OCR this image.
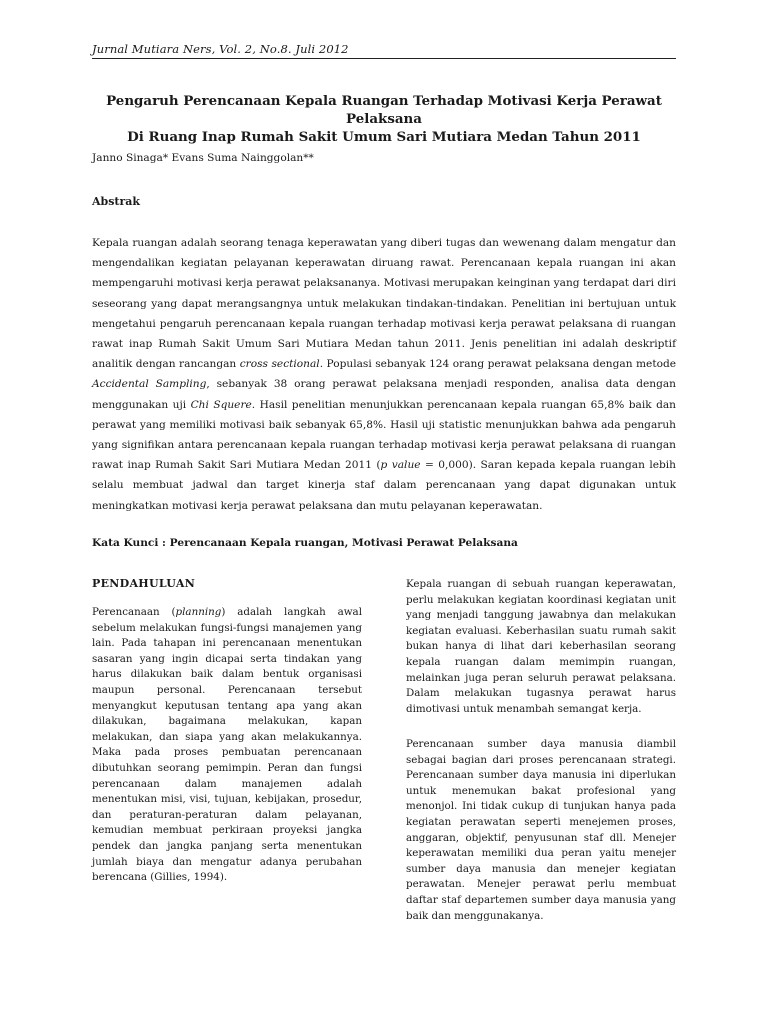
Jurnal Mutiara Ners, Vol. 2, No.8. Juli 2012
Pengaruh Perencanaan Kepala Ruangan Terhadap Motivasi Kerja Perawat Pelaksana
Di Ruang Inap Rumah Sakit Umum Sari Mutiara Medan Tahun 2011
Janno Sinaga* Evans Suma Nainggolan**
Abstrak

Kepala ruangan adalah seorang tenaga keperawatan yang diberi tugas dan wewenang dalam mengatur dan mengendalikan kegiatan pelayanan keperawatan diruang rawat. Perencanaan kepala ruangan ini akan mempengaruhi motivasi kerja perawat pelaksananya. Motivasi merupakan keinginan yang terdapat dari diri seseorang yang dapat merangsangnya untuk melakukan tindakan-tindakan. Penelitian ini bertujuan untuk mengetahui pengaruh perencanaan kepala ruangan terhadap motivasi kerja perawat pelaksana di ruangan rawat inap Rumah Sakit Umum Sari Mutiara Medan tahun 2011. Jenis penelitian ini adalah deskriptif analitik dengan rancangan cross sectional. Populasi sebanyak 124 orang perawat pelaksana dengan metode Accidental Sampling, sebanyak 38 orang perawat pelaksana menjadi responden, analisa data dengan menggunakan uji Chi Squere. Hasil penelitian menunjukkan perencanaan kepala ruangan 65,8% baik dan perawat yang memiliki motivasi baik sebanyak 65,8%. Hasil uji statistic menunjukkan bahwa ada pengaruh yang signifikan antara perencanaan kepala ruangan terhadap motivasi kerja perawat pelaksana di ruangan rawat inap Rumah Sakit Sari Mutiara Medan 2011 (p value = 0,000). Saran kepada kepala ruangan lebih selalu membuat jadwal dan target kinerja staf dalam perencanaan yang dapat digunakan untuk meningkatkan motivasi kerja perawat pelaksana dan mutu pelayanan keperawatan.

Kata Kunci : Perencanaan Kepala ruangan, Motivasi Perawat Pelaksana
PENDAHULUAN

Perencanaan (planning) adalah langkah awal sebelum melakukan fungsi-fungsi manajemen yang lain. Pada tahapan ini perencanaan menentukan sasaran yang ingin dicapai serta tindakan yang harus dilakukan baik dalam bentuk organisasi maupun personal. Perencanaan tersebut menyangkut keputusan tentang apa yang akan dilakukan, bagaimana melakukan, kapan melakukan, dan siapa yang akan melakukannya. Maka pada proses pembuatan perencanaan dibutuhkan seorang pemimpin. Peran dan fungsi perencanaan dalam manajemen adalah menentukan misi, visi, tujuan, kebijakan, prosedur, dan peraturan-peraturan dalam pelayanan, kemudian membuat perkiraan proyeksi jangka pendek dan jangka panjang serta menentukan jumlah biaya dan mengatur adanya perubahan berencana (Gillies, 1994).

Kepala ruangan di sebuah ruangan keperawatan, perlu melakukan kegiatan koordinasi kegiatan unit yang menjadi tanggung jawabnya dan melakukan kegiatan evaluasi. Keberhasilan suatu rumah sakit bukan hanya di lihat dari keberhasilan seorang kepala ruangan dalam memimpin ruangan, melainkan juga peran seluruh perawat pelaksana. Dalam melakukan tugasnya perawat harus dimotivasi untuk menambah semangat kerja.

Perencanaan sumber daya manusia diambil sebagai bagian dari proses perencanaan strategi. Perencanaan sumber daya manusia ini diperlukan untuk menemukan bakat profesional yang menonjol. Ini tidak cukup di tunjukan hanya pada kegiatan perawatan seperti menejemen proses, anggaran, objektif, penyusunan staf dll. Menejer keperawatan memiliki dua peran yaitu menejer sumber daya manusia dan menejer kegiatan perawatan. Menejer perawat perlu membuat daftar staf departemen sumber daya manusia yang baik dan menggunakanya.
